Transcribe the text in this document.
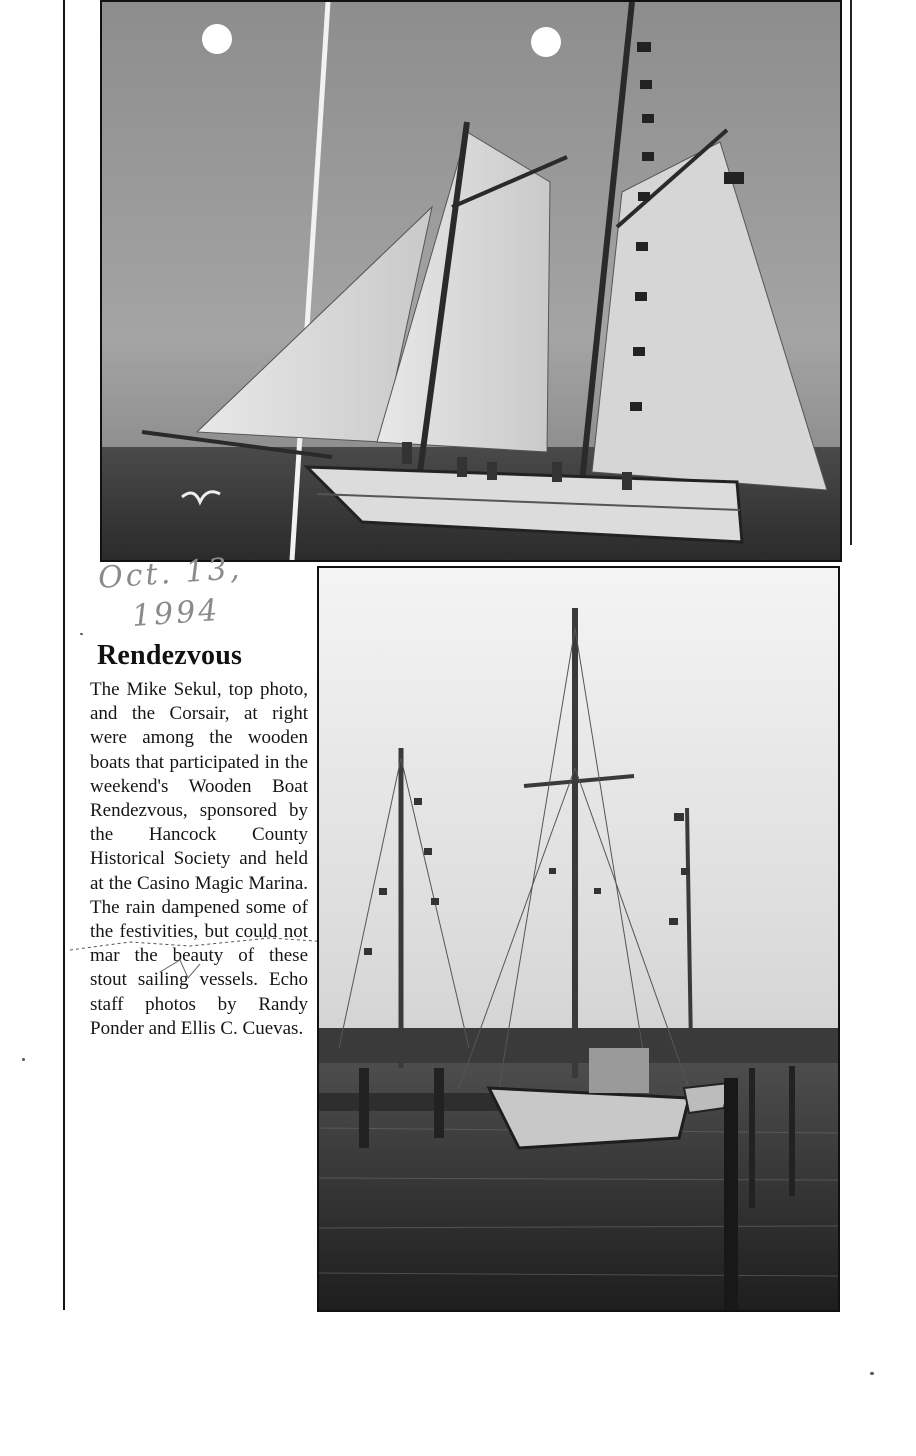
Oct. 13,
1994
Rendezvous

The Mike Sekul, top photo, and the Corsair, at right were among the wooden boats that participated in the weekend's Wooden Boat Rendezvous, sponsored by the Hancock County Historical Society and held at the Casino Magic Marina. The rain dampened some of the festivities, but could not mar the beauty of these stout sailing vessels. Echo staff photos by Randy Ponder and Ellis C. Cuevas.
